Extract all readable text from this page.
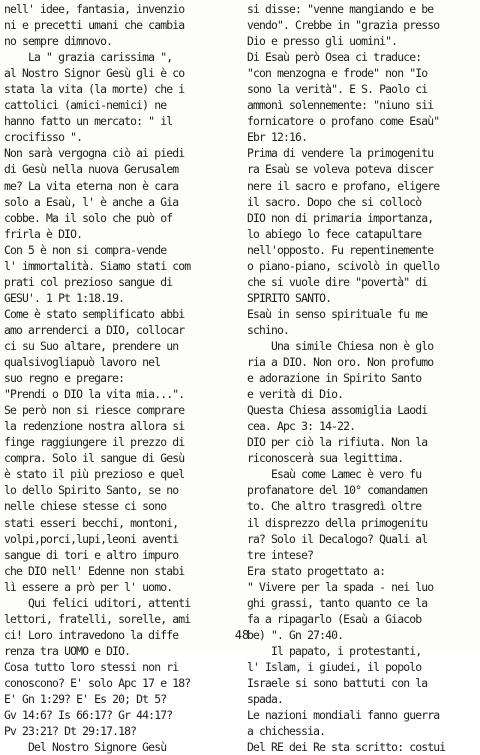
nell' idee, fantasia, invenzio
ni e precetti umani che cambia
no sempre dimnovo.
La " grazia carissima ",
al Nostro Signor Gesù gli è co
stata la vita (la morte) che i
cattolici (amici-nemici) ne
hanno fatto un mercato: " il
crocifisso ".
Non sarà vergogna ciò ai piedi
di Gesù nella nuova Gerusalem
me? La vita eterna non è cara
solo a Esaù, l' è anche a Gia
cobbe. Ma il solo che può of
frirla è DIO.
Con 5 è non si compra-vende
l' immortalità. Siamo stati com
prati col prezioso sangue di
GESU'. 1 Pt 1:18.19.
Come è stato semplificato abbi
amo arrenderci a DIO, collocar
ci su Suo altare, prendere un
qualsivogliapuò lavoro nel
suo regno e pregare:
"Prendi o DIO la vita mia...".
Se però non si riesce comprare
la redenzione nostra allora si
finge raggiungere il prezzo di
compra. Solo il sangue di Gesù
è stato il più prezioso e quel
lo dello Spirito Santo, se no
nelle chiese stesse ci sono
stati esseri becchi, montoni,
volpi,porci,lupi,leoni aventi
sangue di tori e altro impuro
che DIO nell' Edenne non stabi
lì essere a prò per l' uomo.
Qui felici uditori, attenti
lettori, fratelli, sorelle, ami
ci! Loro intravedono la diffe
renza tra UOMO e DIO.
Cosa tutto loro stessi non ri
conoscono? E' solo Apc 17 e 18?
E' Gn 1:29? E' Es 20; Dt 5?
Gv 14:6? Is 66:17? Gr 44:17?
Pv 23:21? Dt 29:17.18?
Del Nostro Signore Gesù
si disse: "venne mangiando e be
vendo". Crebbe in "grazia presso
Dio e presso gli uomini".
Di Esaù però Osea ci traduce:
"con menzogna e frode" non "Io
sono la verità". E S. Paolo ci
ammonì solennemente: "niuno sii
fornicatore o profano come Esaù"
Ebr 12:16.
Prima di vendere la primogenitu
ra Esaù se voleva poteva discer
nere il sacro e profano, eligere
il sacro. Dopo che si collocò
DIO non di primaria importanza,
lo abiego lo fece catapultare
nell'opposto. Fu repentinemente
o piano-piano, scivolò in quello
che si vuole dire "povertà" di
SPIRITO SANTO.
Esaù in senso spirituale fu me
schino.
Una simile Chiesa non è glo
ria a DIO. Non oro. Non profumo
e adorazione in Spirito Santo
e verità di Dio.
Questa Chiesa assomiglia Laodi
cea. Apc 3: 14-22.
DIO per ciò la rifiuta. Non la
riconoscerà sua legittima.
Esaù come Lamec è vero fu
profanatore del 10° comandamen
to. Che altro trasgredì oltre
il disprezzo della primogenitu
ra? Solo il Decalogo? Quali al
tre intese?
Era stato progettato a:
" Vivere per la spada - nei luo
ghi grassi, tanto quanto ce la
fa a ripagarlo (Esaù a Giacob
be) ". Gn 27:40.
Il papato, i protestanti,
l' Islam, i giudei, il popolo
Israele si sono battuti con la
spada.
Le nazioni mondiali fanno guerra
a chichessia.
Del RE dei Re sta scritto: costui
48
